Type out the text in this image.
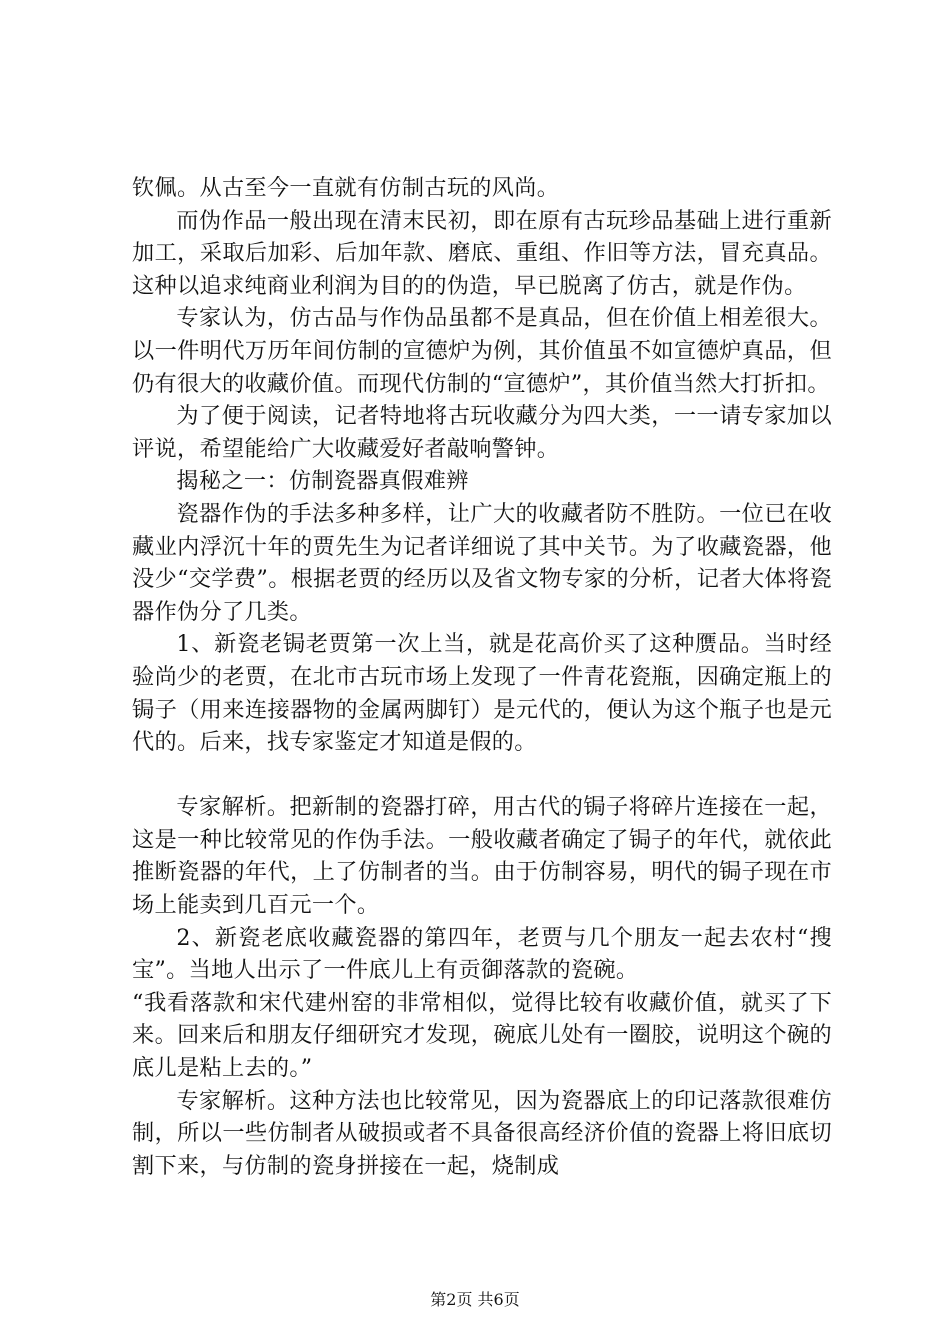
钦佩。从古至今一直就有仿制古玩的风尚。

而伪作品一般出现在清末民初，即在原有古玩珍品基础上进行重新加工，采取后加彩、后加年款、磨底、重组、作旧等方法，冒充真品。这种以追求纯商业利润为目的的伪造，早已脱离了仿古，就是作伪。

专家认为，仿古品与作伪品虽都不是真品，但在价值上相差很大。以一件明代万历年间仿制的宣德炉为例，其价值虽不如宣德炉真品，但仍有很大的收藏价值。而现代仿制的“宣德炉”，其价值当然大打折扣。

为了便于阅读，记者特地将古玩收藏分为四大类，一一请专家加以评说，希望能给广大收藏爱好者敲响警钟。

揭秘之一：仿制瓷器真假难辨

瓷器作伪的手法多种多样，让广大的收藏者防不胜防。一位已在收藏业内浮沉十年的贾先生为记者详细说了其中关节。为了收藏瓷器，他没少“交学费”。根据老贾的经历以及省文物专家的分析，记者大体将瓷器作伪分了几类。

1、新瓷老锔老贾第一次上当，就是花高价买了这种赝品。当时经验尚少的老贾，在北市古玩市场上发现了一件青花瓷瓶，因确定瓶上的锔子（用来连接器物的金属两脚钉）是元代的，便认为这个瓶子也是元代的。后来，找专家鉴定才知道是假的。

专家解析。把新制的瓷器打碎，用古代的锔子将碎片连接在一起，这是一种比较常见的作伪手法。一般收藏者确定了锔子的年代，就依此推断瓷器的年代，上了仿制者的当。由于仿制容易，明代的锔子现在市场上能卖到几百元一个。

2、新瓷老底收藏瓷器的第四年，老贾与几个朋友一起去农村“搜宝”。当地人出示了一件底儿上有贡御落款的瓷碗。

“我看落款和宋代建州窑的非常相似，觉得比较有收藏价值，就买了下来。回来后和朋友仔细研究才发现，碗底儿处有一圈胶，说明这个碗的底儿是粘上去的。”

专家解析。这种方法也比较常见，因为瓷器底上的印记落款很难仿制，所以一些仿制者从破损或者不具备很高经济价值的瓷器上将旧底切割下来，与仿制的瓷身拼接在一起，烧制成

第2页 共6页
